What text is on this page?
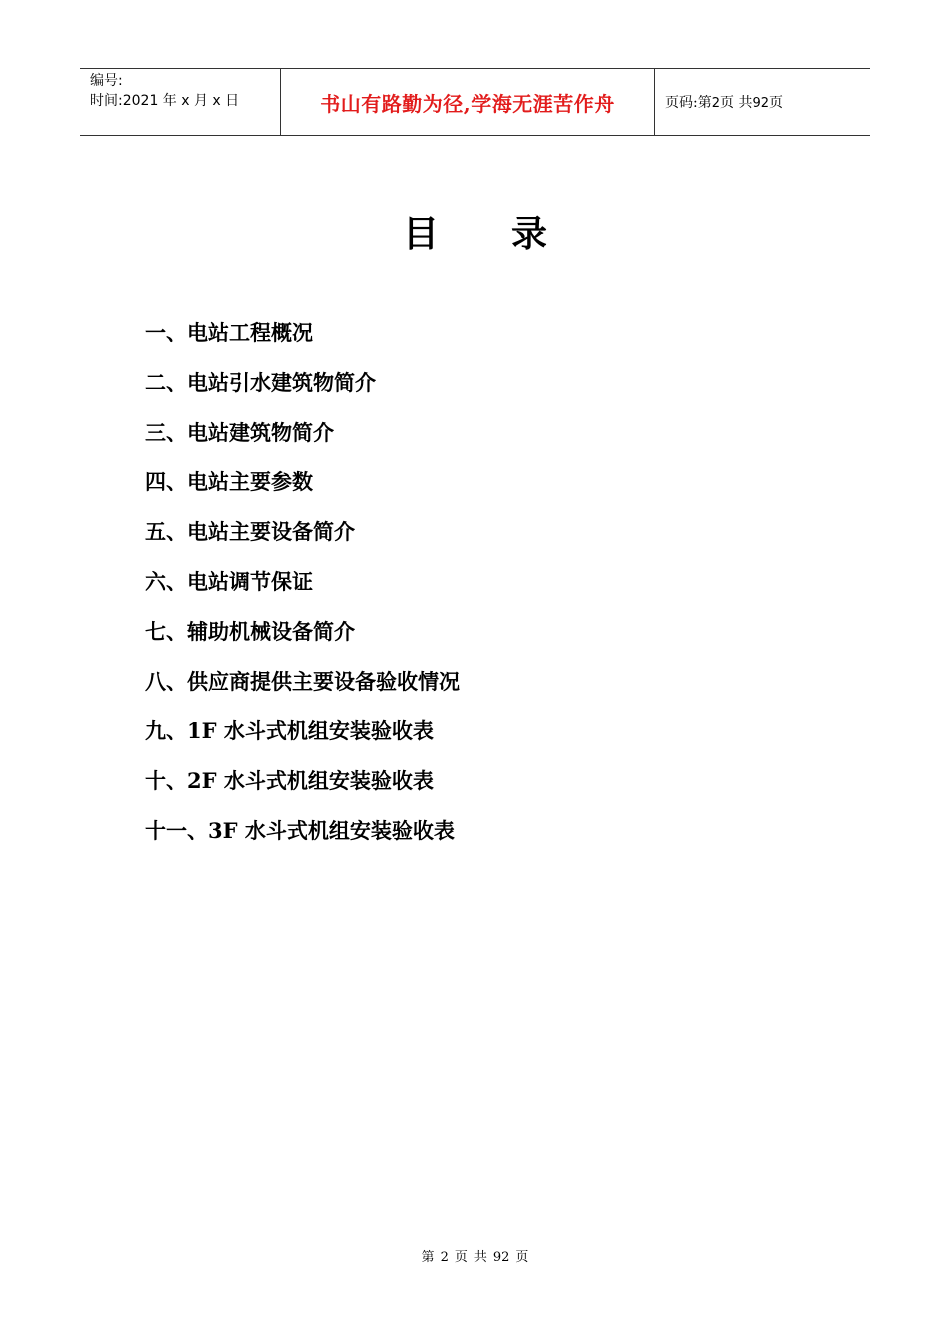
编号:
时间:2021 年 x 月 x 日	书山有路勤为径,学海无涯苦作舟	页码:第2页 共92页
目录
一、电站工程概况
二、电站引水建筑物简介
三、电站建筑物简介
四、电站主要参数
五、电站主要设备简介
六、电站调节保证
七、辅助机械设备简介
八、供应商提供主要设备验收情况
九、1F 水斗式机组安装验收表
十、2F 水斗式机组安装验收表
十一、3F 水斗式机组安装验收表
第 2 页 共 92 页
